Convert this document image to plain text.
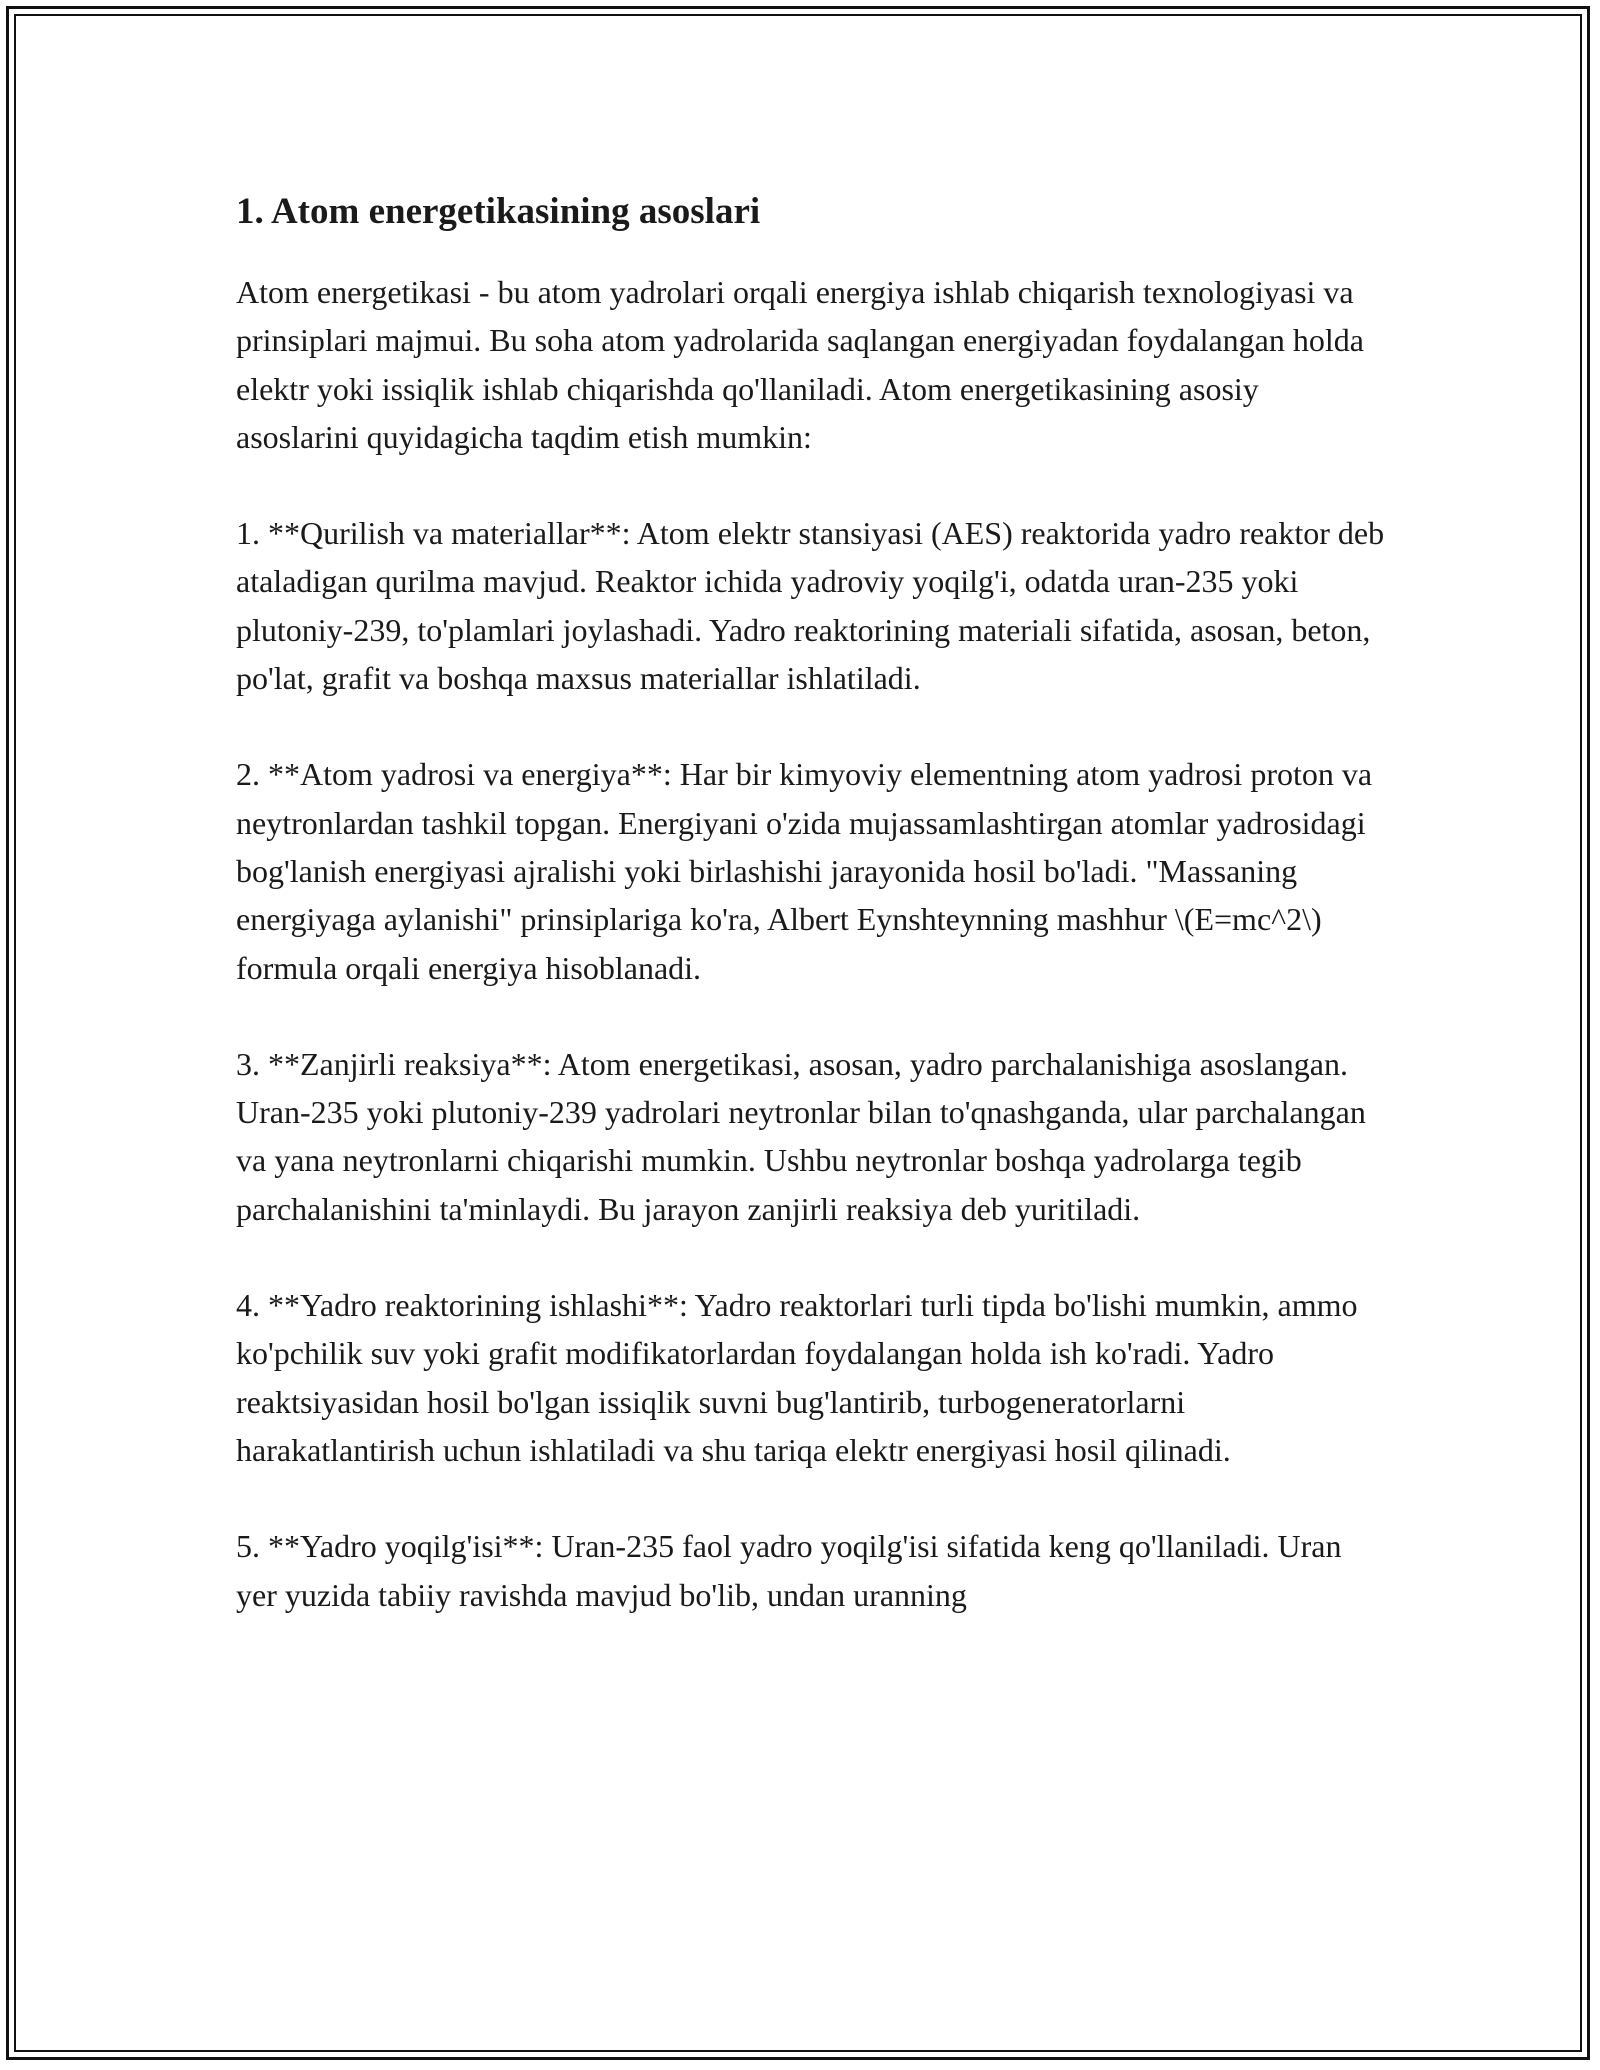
1. Atom energetikasining asoslari

Atom energetikasi - bu atom yadrolari orqali energiya ishlab chiqarish texnologiyasi va prinsiplari majmui. Bu soha atom yadrolarida saqlangan energiyadan foydalangan holda elektr yoki issiqlik ishlab chiqarishda qo'llaniladi. Atom energetikasining asosiy asoslarini quyidagicha taqdim etish mumkin:

1. **Qurilish va materiallar**: Atom elektr stansiyasi (AES) reaktorida yadro reaktor deb ataladigan qurilma mavjud. Reaktor ichida yadroviy yoqilg'i, odatda uran-235 yoki plutoniy-239, to'plamlari joylashadi. Yadro reaktorining materiali sifatida, asosan, beton, po'lat, grafit va boshqa maxsus materiallar ishlatiladi.

2. **Atom yadrosi va energiya**: Har bir kimyoviy elementning atom yadrosi proton va neytronlardan tashkil topgan. Energiyani o'zida mujassamlashtirgan atomlar yadrosidagi bog'lanish energiyasi ajralishi yoki birlashishi jarayonida hosil bo'ladi. "Massaning energiyaga aylanishi" prinsiplariga ko'ra, Albert Eynshteynning mashhur \(E=mc^2\) formula orqali energiya hisoblanadi.

3. **Zanjirli reaksiya**: Atom energetikasi, asosan, yadro parchalanishiga asoslangan. Uran-235 yoki plutoniy-239 yadrolari neytronlar bilan to'qnashganda, ular parchalangan va yana neytronlarni chiqarishi mumkin. Ushbu neytronlar boshqa yadrolarga tegib parchalanishini ta'minlaydi. Bu jarayon zanjirli reaksiya deb yuritiladi.

4. **Yadro reaktorining ishlashi**: Yadro reaktorlari turli tipda bo'lishi mumkin, ammo ko'pchilik suv yoki grafit modifikatorlardan foydalangan holda ish ko'radi. Yadro reaktsiyasidan hosil bo'lgan issiqlik suvni bug'lantirib, turbogeneratorlarni harakatlantirish uchun ishlatiladi va shu tariqa elektr energiyasi hosil qilinadi.

5. **Yadro yoqilg'isi**: Uran-235 faol yadro yoqilg'isi sifatida keng qo'llaniladi. Uran yer yuzida tabiiy ravishda mavjud bo'lib, undan uranning
